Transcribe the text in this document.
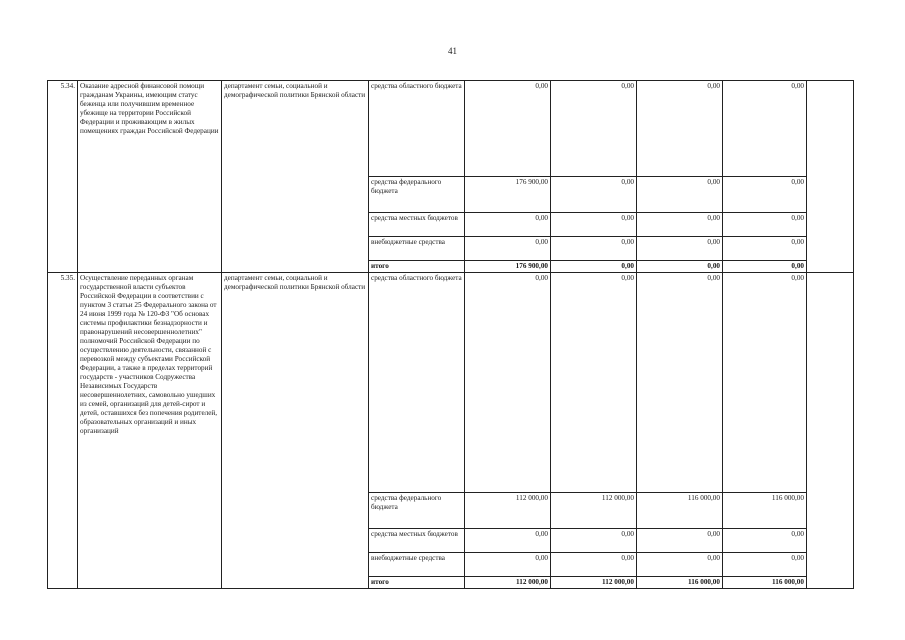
41
5.34.	Оказание адресной финансовой помощи гражданам Украины, имеющим статус беженца или получившим временное убежище на территории Российской Федерации и проживающим в жилых помещениях граждан Российской Федерации	департамент семьи, социальной и демографической политики Брянской области	средства областного бюджета	0,00	0,00	0,00	0,00	
			средства федерального бюджета	176 900,00	0,00	0,00	0,00	
			средства местных бюджетов	0,00	0,00	0,00	0,00	
			внебюджетные средства	0,00	0,00	0,00	0,00	
			итого	176 900,00	0,00	0,00	0,00	
5.35.	Осуществление переданных органам государственной власти субъектов Российской Федерации в соответствии с пунктом 3 статьи 25 Федерального закона от 24 июня 1999 года № 120-ФЗ "Об основах системы профилактики безнадзорности и правонарушений несовершеннолетних" полномочий Российской Федерации по осуществлению деятельности, связанной с перевозкой между субъектами Российской Федерации, а также в пределах территорий государств - участников Содружества Независимых Государств несовершеннолетних, самовольно ушедших из семей, организаций для детей-сирот и детей, оставшихся без попечения родителей, образовательных организаций и иных организаций	департамент семьи, социальной и демографической политики Брянской области	средства областного бюджета	0,00	0,00	0,00	0,00	
			средства федерального бюджета	112 000,00	112 000,00	116 000,00	116 000,00	
			средства местных бюджетов	0,00	0,00	0,00	0,00	
			внебюджетные средства	0,00	0,00	0,00	0,00	
			итого	112 000,00	112 000,00	116 000,00	116 000,00	
